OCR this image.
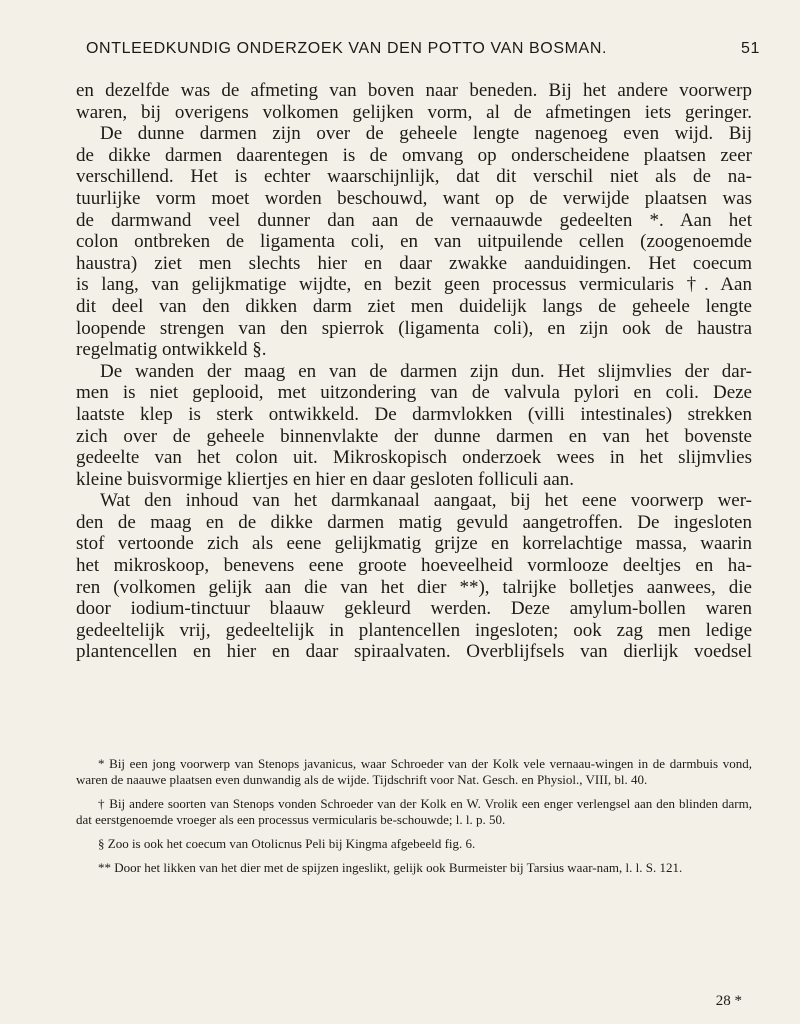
ONTLEEDKUNDIG ONDERZOEK VAN DEN POTTO VAN BOSMAN.	51
en dezelfde was de afmeting van boven naar beneden. Bij het andere voorwerp
waren, bij overigens volkomen gelijken vorm, al de afmetingen iets geringer.
De dunne darmen zijn over de geheele lengte nagenoeg even wijd. Bij
de dikke darmen daarentegen is de omvang op onderscheidene plaatsen zeer
verschillend. Het is echter waarschijnlijk, dat dit verschil niet als de na-
tuurlijke vorm moet worden beschouwd, want op de verwijde plaatsen was
de darmwand veel dunner dan aan de vernaauwde gedeelten *. Aan het
colon ontbreken de ligamenta coli, en van uitpuilende cellen (zoogenoemde
haustra) ziet men slechts hier en daar zwakke aanduidingen. Het coecum
is lang, van gelijkmatige wijdte, en bezit geen processus vermicularis †. Aan
dit deel van den dikken darm ziet men duidelijk langs de geheele lengte
loopende strengen van den spierrok (ligamenta coli), en zijn ook de haustra
regelmatig ontwikkeld §.
De wanden der maag en van de darmen zijn dun. Het slijmvlies der dar-
men is niet geplooid, met uitzondering van de valvula pylori en coli. Deze
laatste klep is sterk ontwikkeld. De darmvlokken (villi intestinales) strekken
zich over de geheele binnenvlakte der dunne darmen en van het bovenste
gedeelte van het colon uit. Mikroskopisch onderzoek wees in het slijmvlies
kleine buisvormige kliertjes en hier en daar gesloten folliculi aan.
Wat den inhoud van het darmkanaal aangaat, bij het eene voorwerp wer-
den de maag en de dikke darmen matig gevuld aangetroffen. De ingesloten
stof vertoonde zich als eene gelijkmatig grijze en korrelachtige massa, waarin
het mikroskoop, benevens eene groote hoeveelheid vormlooze deeltjes en ha-
ren (volkomen gelijk aan die van het dier **), talrijke bolletjes aanwees, die
door iodium-tinctuur blaauw gekleurd werden. Deze amylum-bollen waren
gedeeltelijk vrij, gedeeltelijk in plantencellen ingesloten; ook zag men ledige
plantencellen en hier en daar spiraalvaten. Overblijfsels van dierlijk voedsel

* Bij een jong voorwerp van Stenops javanicus, waar Schroeder van der Kolk vele vernaau-wingen in de darmbuis vond, waren de naauwe plaatsen even dunwandig als de wijde. Tijdschrift voor Nat. Gesch. en Physiol., VIII, bl. 40.

† Bij andere soorten van Stenops vonden Schroeder van der Kolk en W. Vrolik een enger verlengsel aan den blinden darm, dat eerstgenoemde vroeger als een processus vermicularis be-schouwde; l. l. p. 50.

§ Zoo is ook het coecum van Otolicnus Peli bij Kingma afgebeeld fig. 6.

** Door het likken van het dier met de spijzen ingeslikt, gelijk ook Burmeister bij Tarsius waar-nam, l. l. S. 121.

28 *
